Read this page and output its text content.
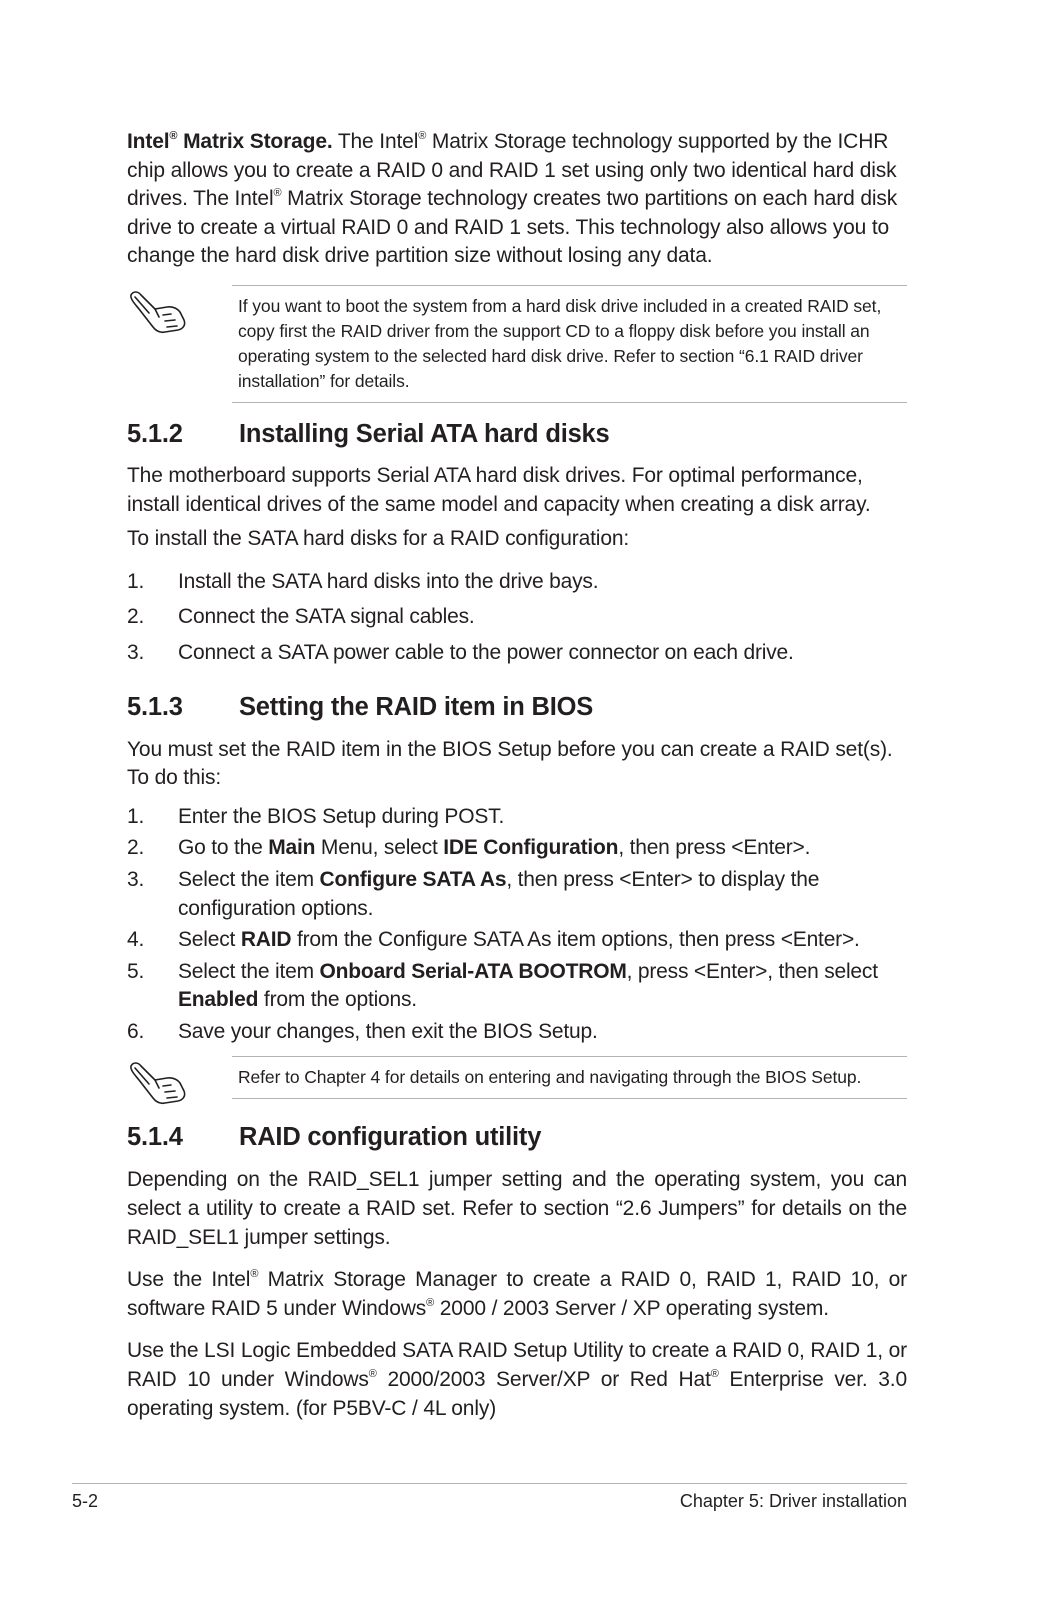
Intel® Matrix Storage. The Intel® Matrix Storage technology supported by the ICHR chip allows you to create a RAID 0 and RAID 1 set using only two identical hard disk drives. The Intel® Matrix Storage technology creates two partitions on each hard disk drive to create a virtual RAID 0 and RAID 1 sets. This technology also allows you to change the hard disk drive partition size without losing any data.

If you want to boot the system from a hard disk drive included in a created RAID set, copy first the RAID driver from the support CD to a floppy disk before you install an operating system to the selected hard disk drive. Refer to section “6.1 RAID driver installation” for details.
5.1.2 Installing Serial ATA hard disks

The motherboard supports Serial ATA hard disk drives. For optimal performance, install identical drives of the same model and capacity when creating a disk array.

To install the SATA hard disks for a RAID configuration:

1. Install the SATA hard disks into the drive bays.
2. Connect the SATA signal cables.
3. Connect a SATA power cable to the power connector on each drive.
5.1.3 Setting the RAID item in BIOS

You must set the RAID item in the BIOS Setup before you can create a RAID set(s). To do this:

1. Enter the BIOS Setup during POST.
2. Go to the Main Menu, select IDE Configuration, then press <Enter>.
3. Select the item Configure SATA As, then press <Enter> to display the configuration options.
4. Select RAID from the Configure SATA As item options, then press <Enter>.
5. Select the item Onboard Serial-ATA BOOTROM, press <Enter>, then select Enabled from the options.
6. Save your changes, then exit the BIOS Setup.
Refer to Chapter 4 for details on entering and navigating through the BIOS Setup.
5.1.4 RAID configuration utility

Depending on the RAID_SEL1 jumper setting and the operating system, you can select a utility to create a RAID set. Refer to section “2.6 Jumpers” for details on the RAID_SEL1 jumper settings.

Use the Intel® Matrix Storage Manager to create a RAID 0, RAID 1, RAID 10, or software RAID 5 under Windows® 2000 / 2003 Server / XP operating system.

Use the LSI Logic Embedded SATA RAID Setup Utility to create a RAID 0, RAID 1, or RAID 10 under Windows® 2000/2003 Server/XP or Red Hat® Enterprise ver. 3.0 operating system. (for P5BV-C / 4L only)

5-2	Chapter 5: Driver installation
